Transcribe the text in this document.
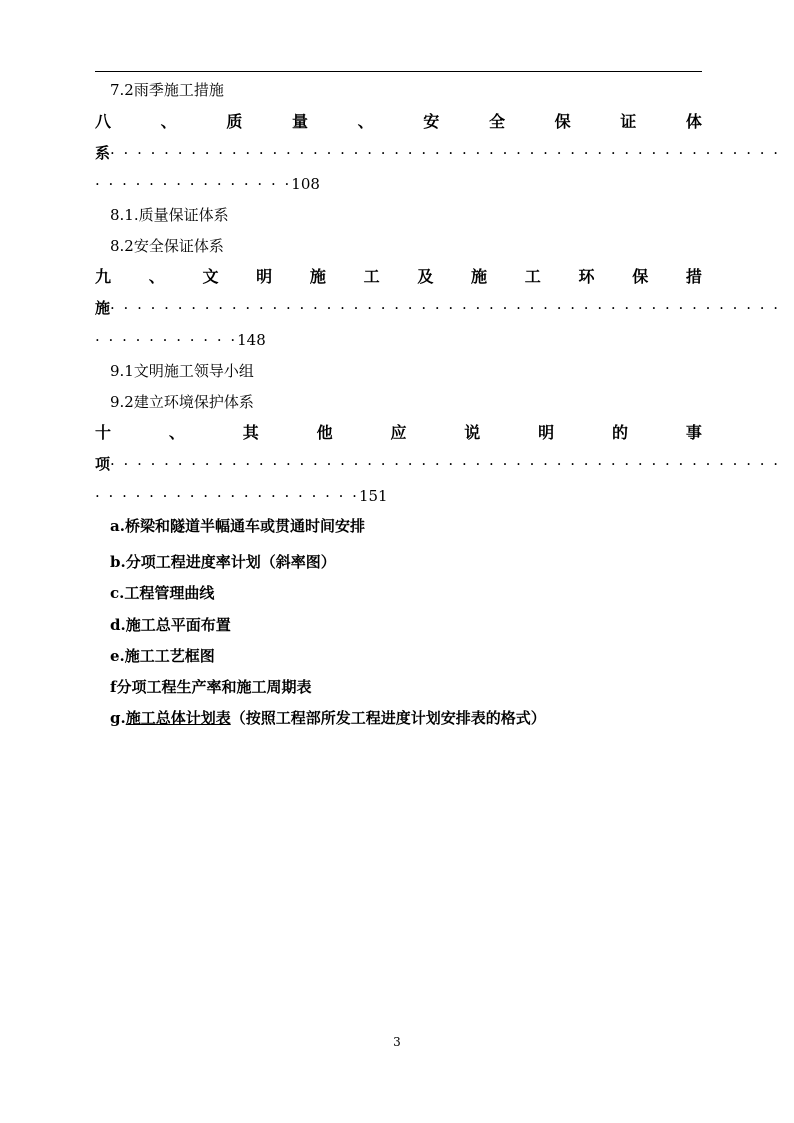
7.2雨季施工措施
八	、	质	量	、	安	全	保	证	体
系 · · · · · · · · · · · · · · · · · · · · · · · · · · · · · · · · · · · · · · · · · · · · · · · · · ·
· · · · · · · · · · · · · · ·108
8.1.质量保证体系
8.2安全保证体系
九 、 文 明 施 工 及 施 工 环 保 措
施 · · · · · · · · · · · · · · · · · · · · · · · · · · · · · · · · · · · · · · · · · · · · · · · · · ·
· · · · · · · · · · ·148
9.1文明施工领导小组
9.2建立环境保护体系
十	、	其	他	应	说	明	的	事
项 · · · · · · · · · · · · · · · · · · · · · · · · · · · · · · · · · · · · · · · · · · · · · · · · · ·
· · · · · · · · · · · · · · · · · · · ·151
a.桥梁和隧道半幅通车或贯通时间安排
b.分项工程进度率计划（斜率图）
c.工程管理曲线
d.施工总平面布置
e.施工工艺框图
f分项工程生产率和施工周期表
g.施工总体计划表（按照工程部所发工程进度计划安排表的格式）
3
